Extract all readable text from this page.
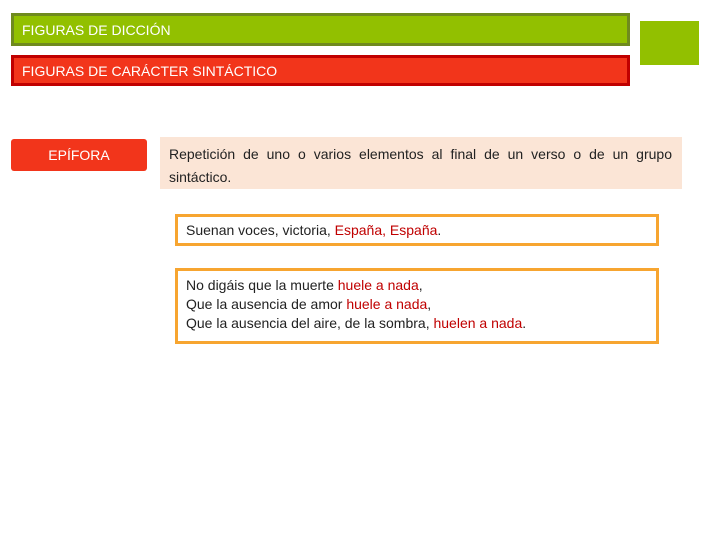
FIGURAS DE DICCIÓN
FIGURAS DE CARÁCTER SINTÁCTICO
EPÍFORA	Repetición de uno o varios elementos al final de un verso o de un grupo sintáctico.
Suenan voces, victoria, España, España.
No digáis que la muerte huele a nada,
Que la ausencia de amor huele a nada,
Que la ausencia del aire, de la sombra, huelen a nada.
